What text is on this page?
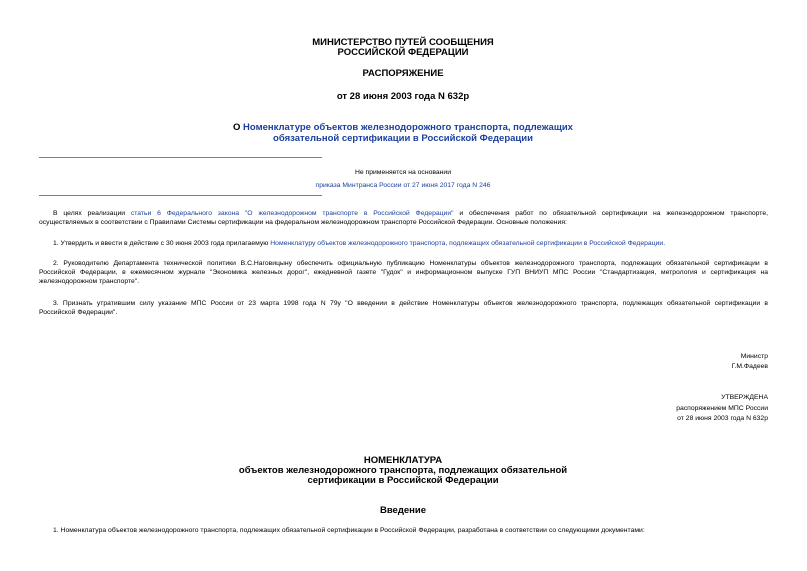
МИНИСТЕРСТВО ПУТЕЙ СООБЩЕНИЯ
РОССИЙСКОЙ ФЕДЕРАЦИИ
РАСПОРЯЖЕНИЕ
от 28 июня 2003 года N 632р
О Номенклатуре объектов железнодорожного транспорта, подлежащих
обязательной сертификации в Российской Федерации
Не применяется на основании
приказа Минтранса России от 27 июня 2017 года N 246
В целях реализации статьи 6 Федерального закона "О железнодорожном транспорте в Российской Федерации" и обеспечения работ по обязательной сертификации на железнодорожном транспорте,
осуществляемых в соответствии с Правилами Системы сертификации на федеральном железнодорожном транспорте Российской Федерации. Основные положения:
1. Утвердить и ввести в действие с 30 июня 2003 года прилагаемую Номенклатуру объектов железнодорожного транспорта, подлежащих обязательной сертификации в Российской Федерации.
2. Руководителю Департамента технической политики В.С.Наговицыну обеспечить официальную публикацию Номенклатуры объектов железнодорожного транспорта, подлежащих обязательной сертификации в
Российской Федерации, в ежемесячном журнале "Экономика железных дорог", ежедневной газете "Гудок" и информационном выпуске ГУП ВНИУП МПС России "Стандартизация, метрология и сертификация на
железнодорожном транспорте".
3. Признать утратившим силу указание МПС России от 23 марта 1998 года N 79у "О введении в действие Номенклатуры объектов железнодорожного транспорта, подлежащих обязательной сертификации в
Российской Федерации".
Министр
Г.М.Фадеев
УТВЕРЖДЕНА
распоряжением МПС России
от 28 июня 2003 года N 632р
НОМЕНКЛАТУРА
объектов железнодорожного транспорта, подлежащих обязательной
сертификации в Российской Федерации
Введение
1. Номенклатура объектов железнодорожного транспорта, подлежащих обязательной сертификации в Российской Федерации, разработана в соответствии со следующими документами:
